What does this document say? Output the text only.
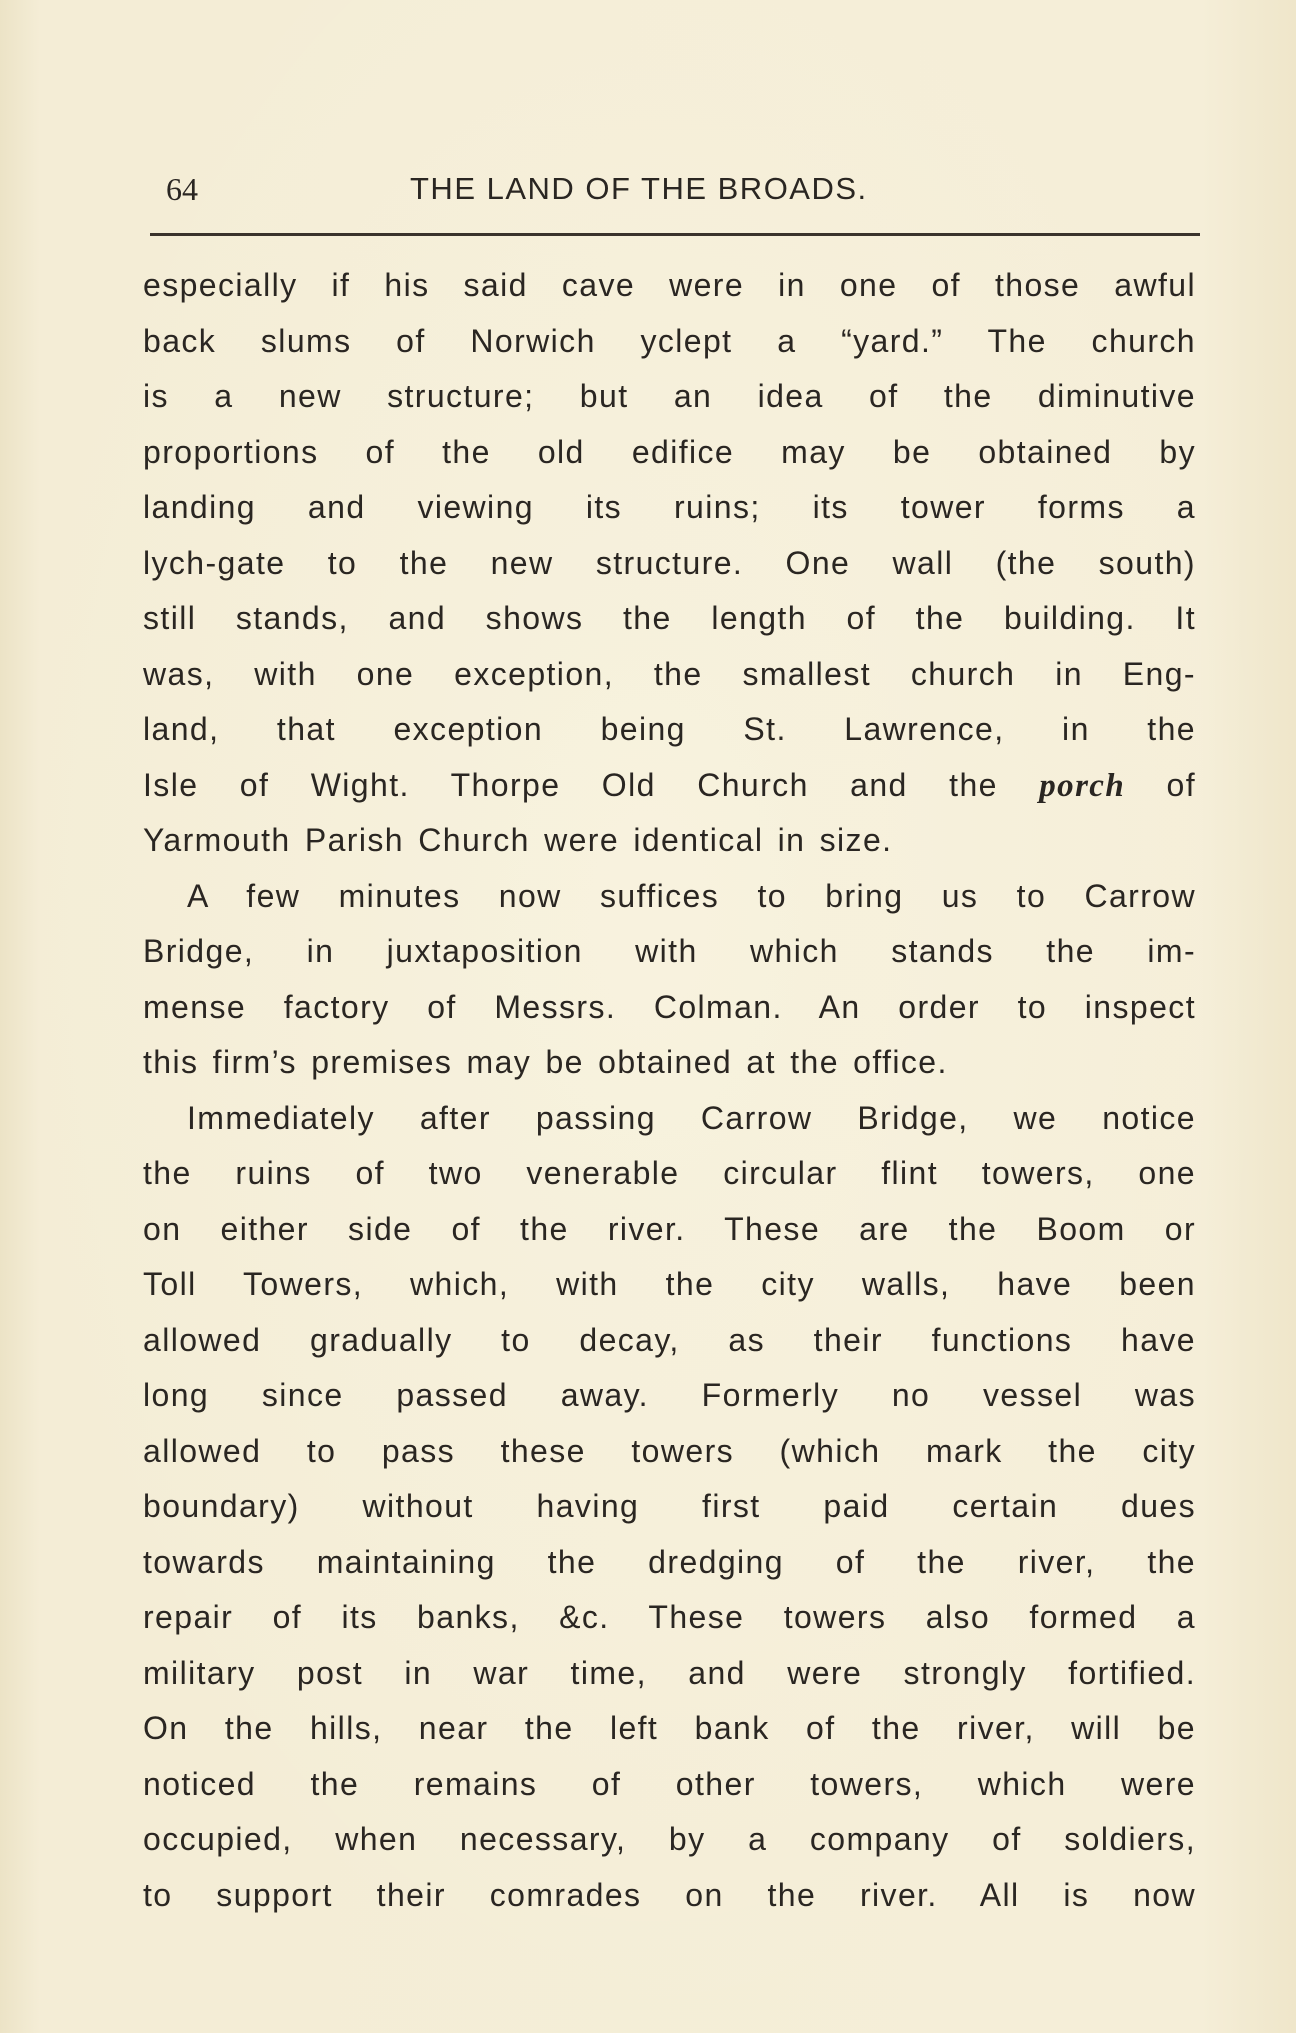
64	THE LAND OF THE BROADS.
especially if his said cave were in one of those awful
back slums of Norwich yclept a “yard.” The church
is a new structure; but an idea of the diminutive
proportions of the old edifice may be obtained by
landing and viewing its ruins; its tower forms a
lych-gate to the new structure. One wall (the south)
still stands, and shows the length of the building. It
was, with one exception, the smallest church in Eng-
land, that exception being St. Lawrence, in the
Isle of Wight. Thorpe Old Church and the porch of
Yarmouth Parish Church were identical in size.
A few minutes now suffices to bring us to Carrow
Bridge, in juxtaposition with which stands the im-
mense factory of Messrs. Colman. An order to inspect
this firm’s premises may be obtained at the office.
Immediately after passing Carrow Bridge, we notice
the ruins of two venerable circular flint towers, one
on either side of the river. These are the Boom or
Toll Towers, which, with the city walls, have been
allowed gradually to decay, as their functions have
long since passed away. Formerly no vessel was
allowed to pass these towers (which mark the city
boundary) without having first paid certain dues
towards maintaining the dredging of the river, the
repair of its banks, &c. These towers also formed a
military post in war time, and were strongly fortified.
On the hills, near the left bank of the river, will be
noticed the remains of other towers, which were
occupied, when necessary, by a company of soldiers,
to support their comrades on the river. All is now
